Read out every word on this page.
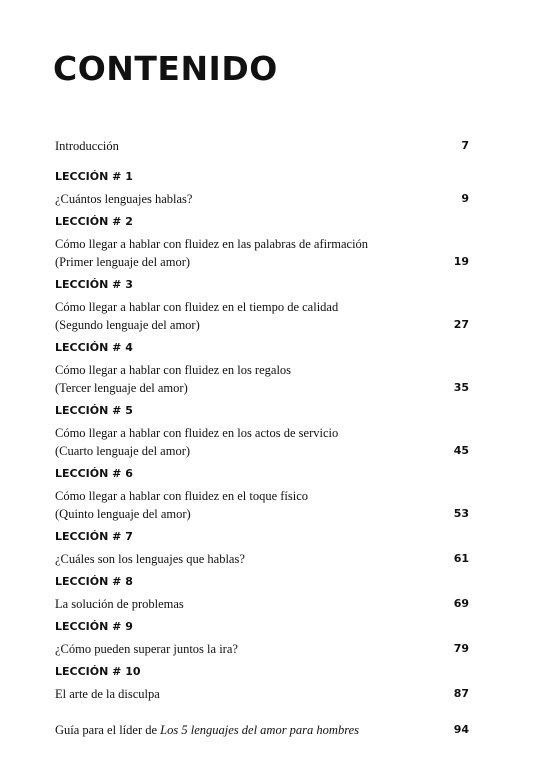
CONTENIDO
Introducción	7
LECCIÓN # 1
¿Cuántos lenguajes hablas?	9
LECCIÓN # 2
Cómo llegar a hablar con fluidez en las palabras de afirmación
(Primer lenguaje del amor)	19
LECCIÓN # 3
Cómo llegar a hablar con fluidez en el tiempo de calidad
(Segundo lenguaje del amor)	27
LECCIÓN # 4
Cómo llegar a hablar con fluidez en los regalos
(Tercer lenguaje del amor)	35
LECCIÓN # 5
Cómo llegar a hablar con fluidez en los actos de servicio
(Cuarto lenguaje del amor)	45
LECCIÓN # 6
Cómo llegar a hablar con fluidez en el toque físico
(Quinto lenguaje del amor)	53
LECCIÓN # 7
¿Cuáles son los lenguajes que hablas?	61
LECCIÓN # 8
La solución de problemas	69
LECCIÓN # 9
¿Cómo pueden superar juntos la ira?	79
LECCIÓN # 10
El arte de la disculpa	87
Guía para el líder de Los 5 lenguajes del amor para hombres	94
